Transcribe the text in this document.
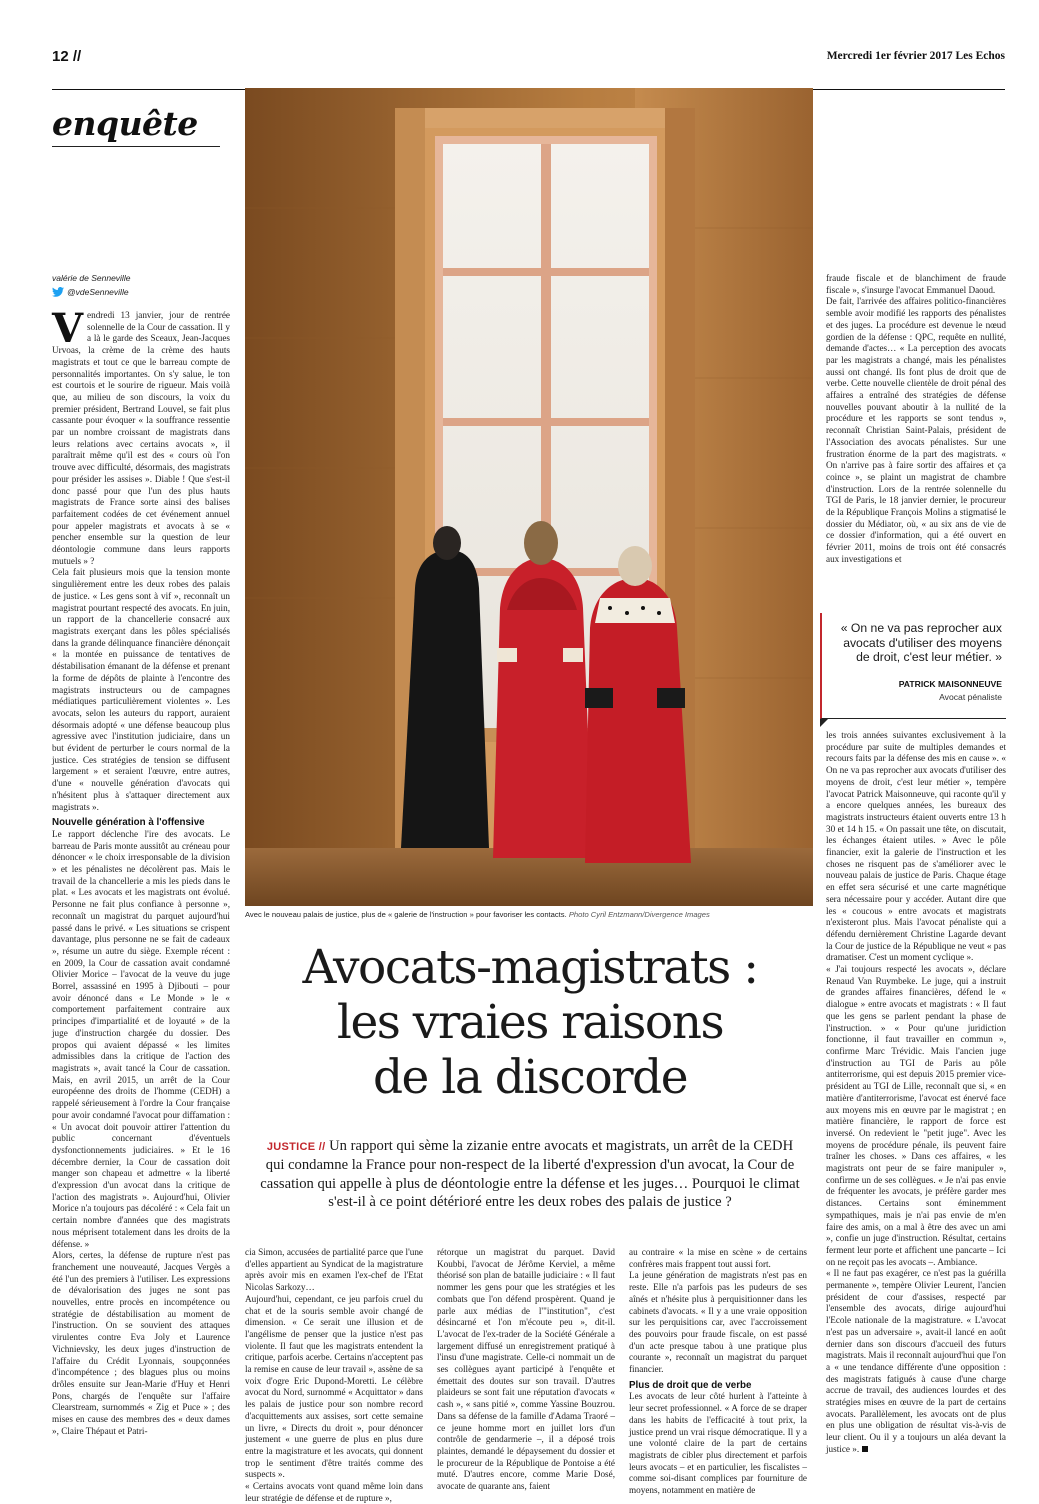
12 //	Mercredi 1er février 2017 Les Echos
enquête
valérie de Senneville
@vdeSenneville
Avec le nouveau palais de justice, plus de « galerie de l'instruction » pour favoriser les contacts. Photo Cyril Entzmann/Divergence Images

Vendredi 13 janvier, jour de rentrée solennelle de la Cour de cassation. Il y a là le garde des Sceaux, Jean-Jacques Urvoas, la crème de la crème des hauts magistrats et tout ce que le barreau compte de personnalités importantes. On s'y salue, le ton est courtois et le sourire de rigueur. Mais voilà que, au milieu de son discours, la voix du premier président, Bertrand Louvel, se fait plus cassante pour évoquer « la souffrance ressentie par un nombre croissant de magistrats dans leurs relations avec certains avocats », il paraîtrait même qu'il est des « cours où l'on trouve avec difficulté, désormais, des magistrats pour présider les assises ». Diable ! Que s'est-il donc passé pour que l'un des plus hauts magistrats de France sorte ainsi des balises parfaitement codées de cet événement annuel pour appeler magistrats et avocats à se « pencher ensemble sur la question de leur déontologie commune dans leurs rapports mutuels » ?

Cela fait plusieurs mois que la tension monte singulièrement entre les deux robes des palais de justice. « Les gens sont à vif », reconnaît un magistrat pourtant respecté des avocats. En juin, un rapport de la chancellerie consacré aux magistrats exerçant dans les pôles spécialisés dans la grande délinquance financière dénonçait « la montée en puissance de tentatives de déstabilisation émanant de la défense et prenant la forme de dépôts de plainte à l'encontre des magistrats instructeurs ou de campagnes médiatiques particulièrement violentes ». Les avocats, selon les auteurs du rapport, auraient désormais adopté « une défense beaucoup plus agressive avec l'institution judiciaire, dans un but évident de perturber le cours normal de la justice. Ces stratégies de tension se diffusent largement » et seraient l'œuvre, entre autres, d'une « nouvelle génération d'avocats qui n'hésitent plus à s'attaquer directement aux magistrats ».

Nouvelle génération à l'offensive

Le rapport déclenche l'ire des avocats. Le barreau de Paris monte aussitôt au créneau pour dénoncer « le choix irresponsable de la division » et les pénalistes ne décolèrent pas. Mais le travail de la chancellerie a mis les pieds dans le plat. « Les avocats et les magistrats ont évolué. Personne ne fait plus confiance à personne », reconnaît un magistrat du parquet aujourd'hui passé dans le privé. « Les situations se crispent davantage, plus personne ne se fait de cadeaux », résume un autre du siège. Exemple récent : en 2009, la Cour de cassation avait condamné Olivier Morice – l'avocat de la veuve du juge Borrel, assassiné en 1995 à Djibouti – pour avoir dénoncé dans « Le Monde » le « comportement parfaitement contraire aux principes d'impartialité et de loyauté » de la juge d'instruction chargée du dossier. Des propos qui avaient dépassé « les limites admissibles dans la critique de l'action des magistrats », avait tancé la Cour de cassation. Mais, en avril 2015, un arrêt de la Cour européenne des droits de l'homme (CEDH) a rappelé sérieusement à l'ordre la Cour française pour avoir condamné l'avocat pour diffamation : « Un avocat doit pouvoir attirer l'attention du public concernant d'éventuels dysfonctionnements judiciaires. » Et le 16 décembre dernier, la Cour de cassation doit manger son chapeau et admettre « la liberté d'expression d'un avocat dans la critique de l'action des magistrats ». Aujourd'hui, Olivier Morice n'a toujours pas décoléré : « Cela fait un certain nombre d'années que des magistrats nous méprisent totalement dans les droits de la défense. »

Alors, certes, la défense de rupture n'est pas franchement une nouveauté, Jacques Vergès a été l'un des premiers à l'utiliser. Les expressions de dévalorisation des juges ne sont pas nouvelles, entre procès en incompétence ou stratégie de déstabilisation au moment de l'instruction. On se souvient des attaques virulentes contre Eva Joly et Laurence Vichnievsky, les deux juges d'instruction de l'affaire du Crédit Lyonnais, soupçonnées d'incompétence ; des blagues plus ou moins drôles ensuite sur Jean-Marie d'Huy et Henri Pons, chargés de l'enquête sur l'affaire Clearstream, surnommés « Zig et Puce » ; des mises en cause des membres des « deux dames », Claire Thépaut et Patri-

Avocats-magistrats :
les vraies raisons
de la discorde
JUSTICE // Un rapport qui sème la zizanie entre avocats et magistrats, un arrêt de la CEDH qui condamne la France pour non-respect de la liberté d'expression d'un avocat, la Cour de cassation qui appelle à plus de déontologie entre la défense et les juges… Pourquoi le climat s'est-il à ce point détérioré entre les deux robes des palais de justice ?

cia Simon, accusées de partialité parce que l'une d'elles appartient au Syndicat de la magistrature après avoir mis en examen l'ex-chef de l'Etat Nicolas Sarkozy…

Aujourd'hui, cependant, ce jeu parfois cruel du chat et de la souris semble avoir changé de dimension. « Ce serait une illusion et de l'angélisme de penser que la justice n'est pas violente. Il faut que les magistrats entendent la critique, parfois acerbe. Certains n'acceptent pas la remise en cause de leur travail », assène de sa voix d'ogre Eric Dupond-Moretti. Le célèbre avocat du Nord, surnommé « Acquittator » dans les palais de justice pour son nombre record d'acquittements aux assises, sort cette semaine un livre, « Directs du droit », pour dénoncer justement « une guerre de plus en plus dure entre la magistrature et les avocats, qui donnent trop le sentiment d'être traités comme des suspects ».

« Certains avocats vont quand même loin dans leur stratégie de défense et de rupture »,

rétorque un magistrat du parquet. David Koubbi, l'avocat de Jérôme Kerviel, a même théorisé son plan de bataille judiciaire : « Il faut nommer les gens pour que les stratégies et les combats que l'on défend prospèrent. Quand je parle aux médias de l'"institution", c'est désincarné et l'on m'écoute peu », dit-il. L'avocat de l'ex-trader de la Société Générale a largement diffusé un enregistrement pratiqué à l'insu d'une magistrate. Celle-ci nommait un de ses collègues ayant participé à l'enquête et émettait des doutes sur son travail. D'autres plaideurs se sont fait une réputation d'avocats « cash », « sans pitié », comme Yassine Bouzrou. Dans sa défense de la famille d'Adama Traoré – ce jeune homme mort en juillet lors d'un contrôle de gendarmerie –, il a déposé trois plaintes, demandé le dépaysement du dossier et le procureur de la République de Pontoise a été muté. D'autres encore, comme Marie Dosé, avocate de quarante ans, faient

au contraire « la mise en scène » de certains confrères mais frappent tout aussi fort.

La jeune génération de magistrats n'est pas en reste. Elle n'a parfois pas les pudeurs de ses aînés et n'hésite plus à perquisitionner dans les cabinets d'avocats. « Il y a une vraie opposition sur les perquisitions car, avec l'accroissement des pouvoirs pour fraude fiscale, on est passé d'un acte presque tabou à une pratique plus courante », reconnaît un magistrat du parquet financier.

Plus de droit que de verbe

Les avocats de leur côté hurlent à l'atteinte à leur secret professionnel. « A force de se draper dans les habits de l'efficacité à tout prix, la justice prend un vrai risque démocratique. Il y a une volonté claire de la part de certains magistrats de cibler plus directement et parfois leurs avocats – et en particulier, les fiscalistes – comme soi-disant complices par fourniture de moyens, notamment en matière de

fraude fiscale et de blanchiment de fraude fiscale », s'insurge l'avocat Emmanuel Daoud.

De fait, l'arrivée des affaires politico-financières semble avoir modifié les rapports des pénalistes et des juges. La procédure est devenue le nœud gordien de la défense : QPC, requête en nullité, demande d'actes… « La perception des avocats par les magistrats a changé, mais les pénalistes aussi ont changé. Ils font plus de droit que de verbe. Cette nouvelle clientèle de droit pénal des affaires a entraîné des stratégies de défense nouvelles pouvant aboutir à la nullité de la procédure et les rapports se sont tendus », reconnaît Christian Saint-Palais, président de l'Association des avocats pénalistes. Sur une frustration énorme de la part des magistrats. « On n'arrive pas à faire sortir des affaires et ça coince », se plaint un magistrat de chambre d'instruction. Lors de la rentrée solennelle du TGI de Paris, le 18 janvier dernier, le procureur de la République François Molins a stigmatisé le dossier du Médiator, où, « au six ans de vie de ce dossier d'information, qui a été ouvert en février 2011, moins de trois ont été consacrés aux investigations et

« On ne va pas reprocher aux avocats d'utiliser des moyens de droit, c'est leur métier. »
PATRICK MAISONNEUVE
Avocat pénaliste

les trois années suivantes exclusivement à la procédure par suite de multiples demandes et recours faits par la défense des mis en cause ». « On ne va pas reprocher aux avocats d'utiliser des moyens de droit, c'est leur métier », tempère l'avocat Patrick Maisonneuve, qui raconte qu'il y a encore quelques années, les bureaux des magistrats instructeurs étaient ouverts entre 13 h 30 et 14 h 15. « On passait une tête, on discutait, les échanges étaient utiles. » Avec le pôle financier, exit la galerie de l'instruction et les choses ne risquent pas de s'améliorer avec le nouveau palais de justice de Paris. Chaque étage en effet sera sécurisé et une carte magnétique sera nécessaire pour y accéder. Autant dire que les « coucous » entre avocats et magistrats n'existeront plus. Mais l'avocat pénaliste qui a défendu dernièrement Christine Lagarde devant la Cour de justice de la République ne veut « pas dramatiser. C'est un moment cyclique ».

« J'ai toujours respecté les avocats », déclare Renaud Van Ruymbeke. Le juge, qui a instruit de grandes affaires financières, défend le « dialogue » entre avocats et magistrats : « Il faut que les gens se parlent pendant la phase de l'instruction. » « Pour qu'une juridiction fonctionne, il faut travailler en commun », confirme Marc Trévidic. Mais l'ancien juge d'instruction au TGI de Paris au pôle antiterrorisme, qui est depuis 2015 premier vice-président au TGI de Lille, reconnaît que si, « en matière d'antiterrorisme, l'avocat est énervé face aux moyens mis en œuvre par le magistrat ; en matière financière, le rapport de force est inversé. On redevient le "petit juge". Avec les moyens de procédure pénale, ils peuvent faire traîner les choses. » Dans ces affaires, « les magistrats ont peur de se faire manipuler », confirme un de ses collègues. « Je n'ai pas envie de fréquenter les avocats, je préfère garder mes distances. Certains sont éminemment sympathiques, mais je n'ai pas envie de m'en faire des amis, on a mal à être des avec un ami », confie un juge d'instruction. Résultat, certains ferment leur porte et affichent une pancarte – Ici on ne reçoit pas les avocats –. Ambiance.

« Il ne faut pas exagérer, ce n'est pas la guérilla permanente », tempère Olivier Leurent, l'ancien président de cour d'assises, respecté par l'ensemble des avocats, dirige aujourd'hui l'Ecole nationale de la magistrature. « L'avocat n'est pas un adversaire », avait-il lancé en août dernier dans son discours d'accueil des futurs magistrats. Mais il reconnaît aujourd'hui que l'on a « une tendance différente d'une opposition : des magistrats fatigués à cause d'une charge accrue de travail, des audiences lourdes et des stratégies mises en œuvre de la part de certains avocats. Parallèlement, les avocats ont de plus en plus une obligation de résultat vis-à-vis de leur client. Ou il y a toujours un aléa devant la justice ».
